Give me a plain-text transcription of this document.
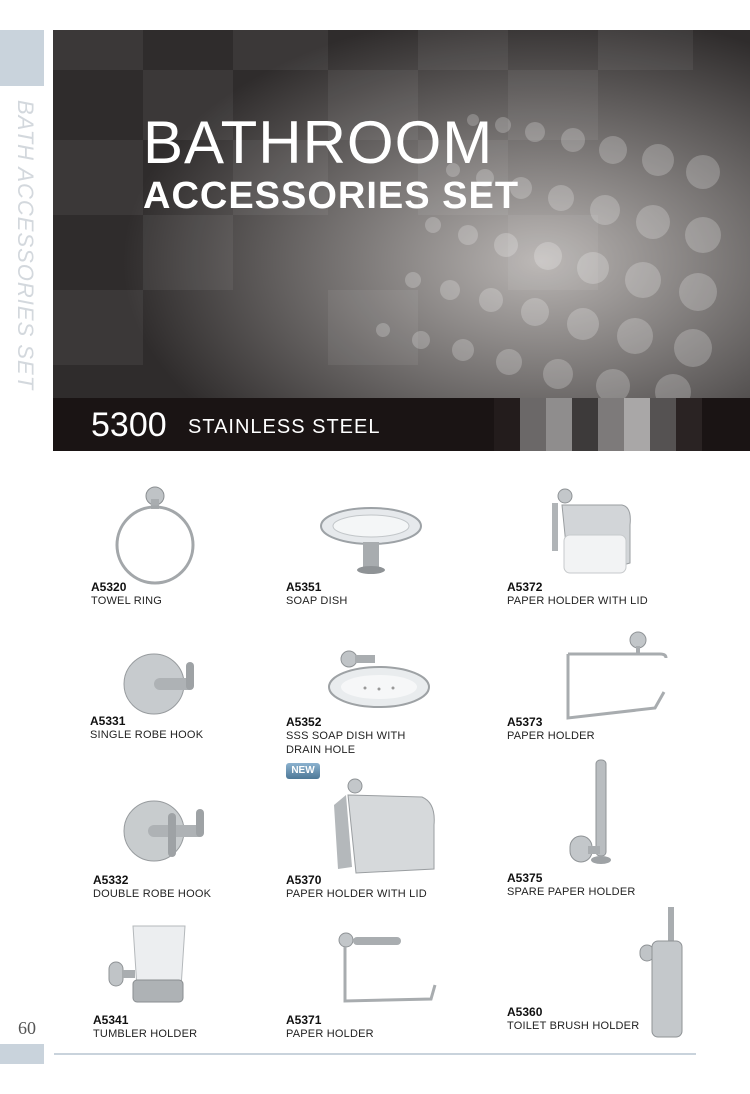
BATH ACCESSORIES SET
60
BATHROOM
ACCESSORIES SET
5300 STAINLESS STEEL
A5320
TOWEL RING
A5351
SOAP DISH
A5372
PAPER HOLDER WITH LID
A5331
SINGLE ROBE HOOK
A5352
SSS SOAP DISH WITH
DRAIN HOLE
NEW
A5373
PAPER HOLDER
A5332
DOUBLE ROBE HOOK
A5370
PAPER HOLDER WITH LID
A5375
SPARE PAPER HOLDER
A5341
TUMBLER HOLDER
A5371
PAPER HOLDER
A5360
TOILET BRUSH HOLDER
